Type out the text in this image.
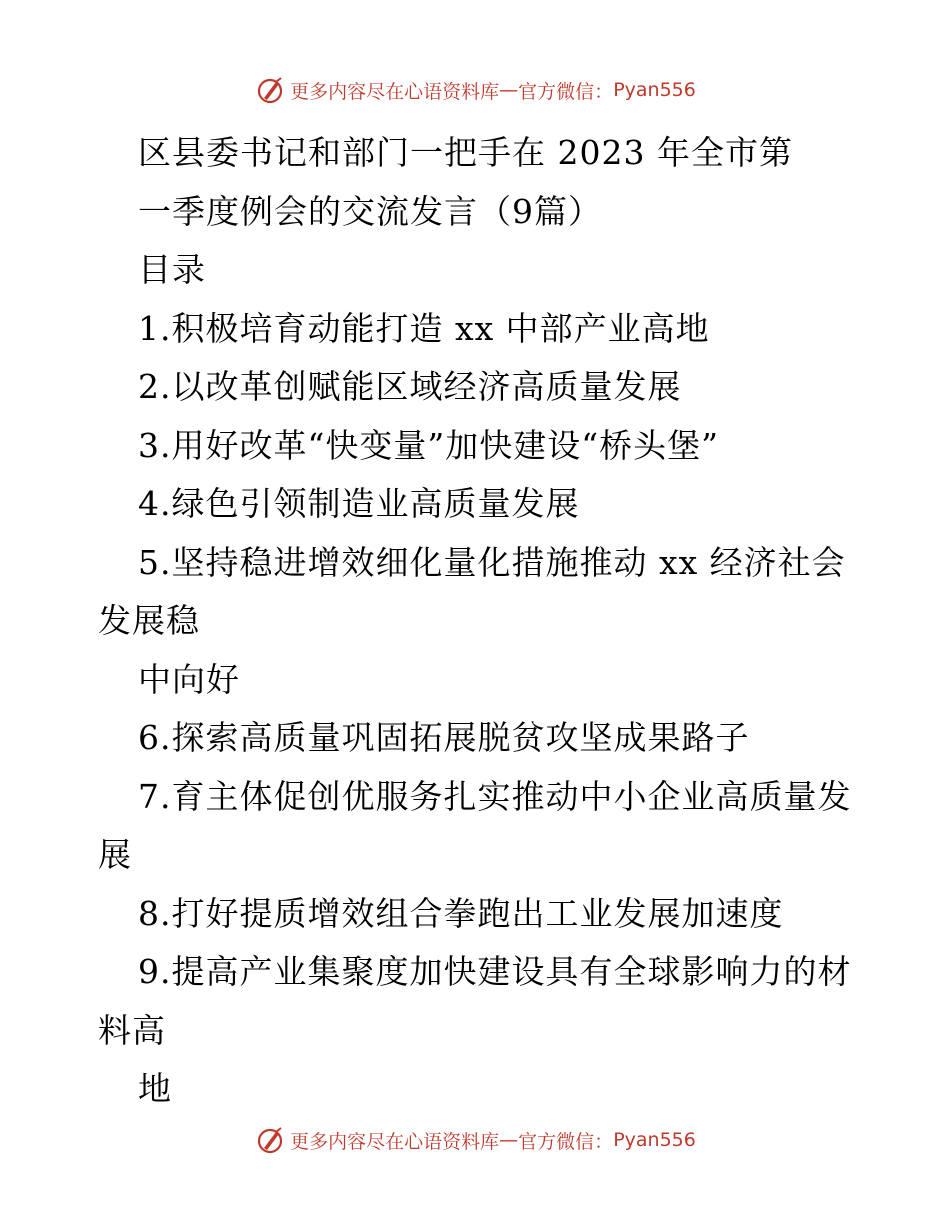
更多内容尽在心语资料库 — 官方微信： Pyan556
区县委书记和部门一把手在 2023 年全市第
一季度例会的交流发言（9篇）
目录
1.积极培育动能打造 xx 中部产业高地
2.以改革创赋能区域经济高质量发展
3.用好改革“快变量”加快建设“桥头堡”
4.绿色引领制造业高质量发展
5.坚持稳进增效细化量化措施推动 xx 经济社会
发展稳
中向好
6.探索高质量巩固拓展脱贫攻坚成果路子
7.育主体促创优服务扎实推动中小企业高质量发
展
8.打好提质增效组合拳跑出工业发展加速度
9.提高产业集聚度加快建设具有全球影响力的材
料高
地
更多内容尽在心语资料库 — 官方微信： Pyan556
